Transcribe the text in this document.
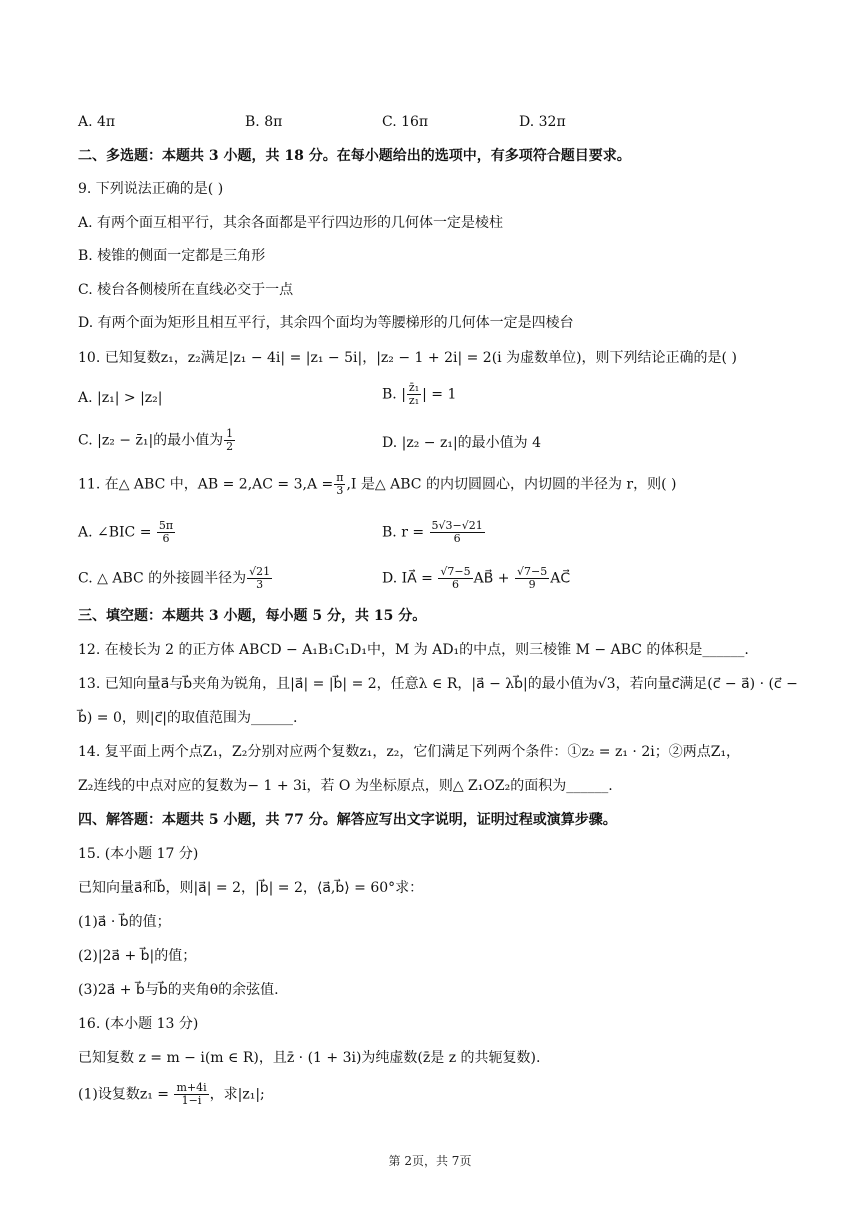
A. 4π	B. 8π	C. 16π	D. 32π
二、多选题：本题共 3 小题，共 18 分。在每小题给出的选项中，有多项符合题目要求。
9. 下列说法正确的是( )
A. 有两个面互相平行，其余各面都是平行四边形的几何体一定是棱柱
B. 棱锥的侧面一定都是三角形
C. 棱台各侧棱所在直线必交于一点
D. 有两个面为矩形且相互平行，其余四个面均为等腰梯形的几何体一定是四棱台
10. 已知复数z₁，z₂满足|z₁ − 4i| = |z₁ − 5i|，|z₂ − 1 + 2i| = 2(i 为虚数单位)，则下列结论正确的是( )
A. |z₁| > |z₂|	B. | $\frac{\text{z̄₁}}{\text{z₁}}$ | = 1
C. |z₂ − z̄₁|的最小值为 $\frac{1}{2}$	D. |z₂ − z₁|的最小值为 4
11. 在△ ABC 中，AB = $2,AC = 3,A = \frac{\pi}{3} ,I$ 是△ ABC 的内切圆圆心，内切圆的半径为 r，则( )
A. ∠BIC = $\frac{5\pi}{6}$	B. $r = \frac{5√3-√21}{6}$
C. △ ABC 的外接圆半径为 $\frac{√21}{3}$	D. IA⃗ = $\frac{√7-5}{6}$ AB⃗ + $\frac{√7-5}{9}$ AC⃗
三、填空题：本题共 3 小题，每小题 5 分，共 15 分。
12. 在棱长为 2 的正方体 ABCD − A₁B₁C₁D₁中，M 为 AD₁的中点，则三棱锥 M − ABC 的体积是______.
13. 已知向量a⃗与b⃗夹角为锐角，且|a⃗| = |b⃗| = 2，任意λ ∈ R，|a⃗ − λb⃗|的最小值为√3，若向量c⃗满足(c⃗ − a⃗) · (c⃗ −
b⃗) = 0，则|c⃗|的取值范围为______.
14. 复平面上两个点Z₁，Z₂分别对应两个复数z₁，z₂，它们满足下列两个条件：①z₂ = z₁ · 2i；②两点Z₁，
Z₂连线的中点对应的复数为− 1 + 3i，若 O 为坐标原点，则△ Z₁OZ₂的面积为______.
四、解答题：本题共 5 小题，共 77 分。解答应写出文字说明，证明过程或演算步骤。
15. (本小题 17 分)
已知向量a⃗和b⃗，则|a⃗| = 2，|b⃗| = 2，⟨a⃗,b⃗⟩ = 60°求：
(1)a⃗ · b⃗的值；
(2)|2a⃗ + b⃗|的值；
(3)2a⃗ + b⃗与b⃗的夹角θ的余弦值.
16. (本小题 13 分)
已知复数 z = m − i(m ∈ R)，且z̄ · (1 + 3i)为纯虚数(z̄是 z 的共轭复数).
(1)设复数$z_1 = \frac{m+4i}{1-i}$ ，求|z₁|;
第 2页，共 7页
